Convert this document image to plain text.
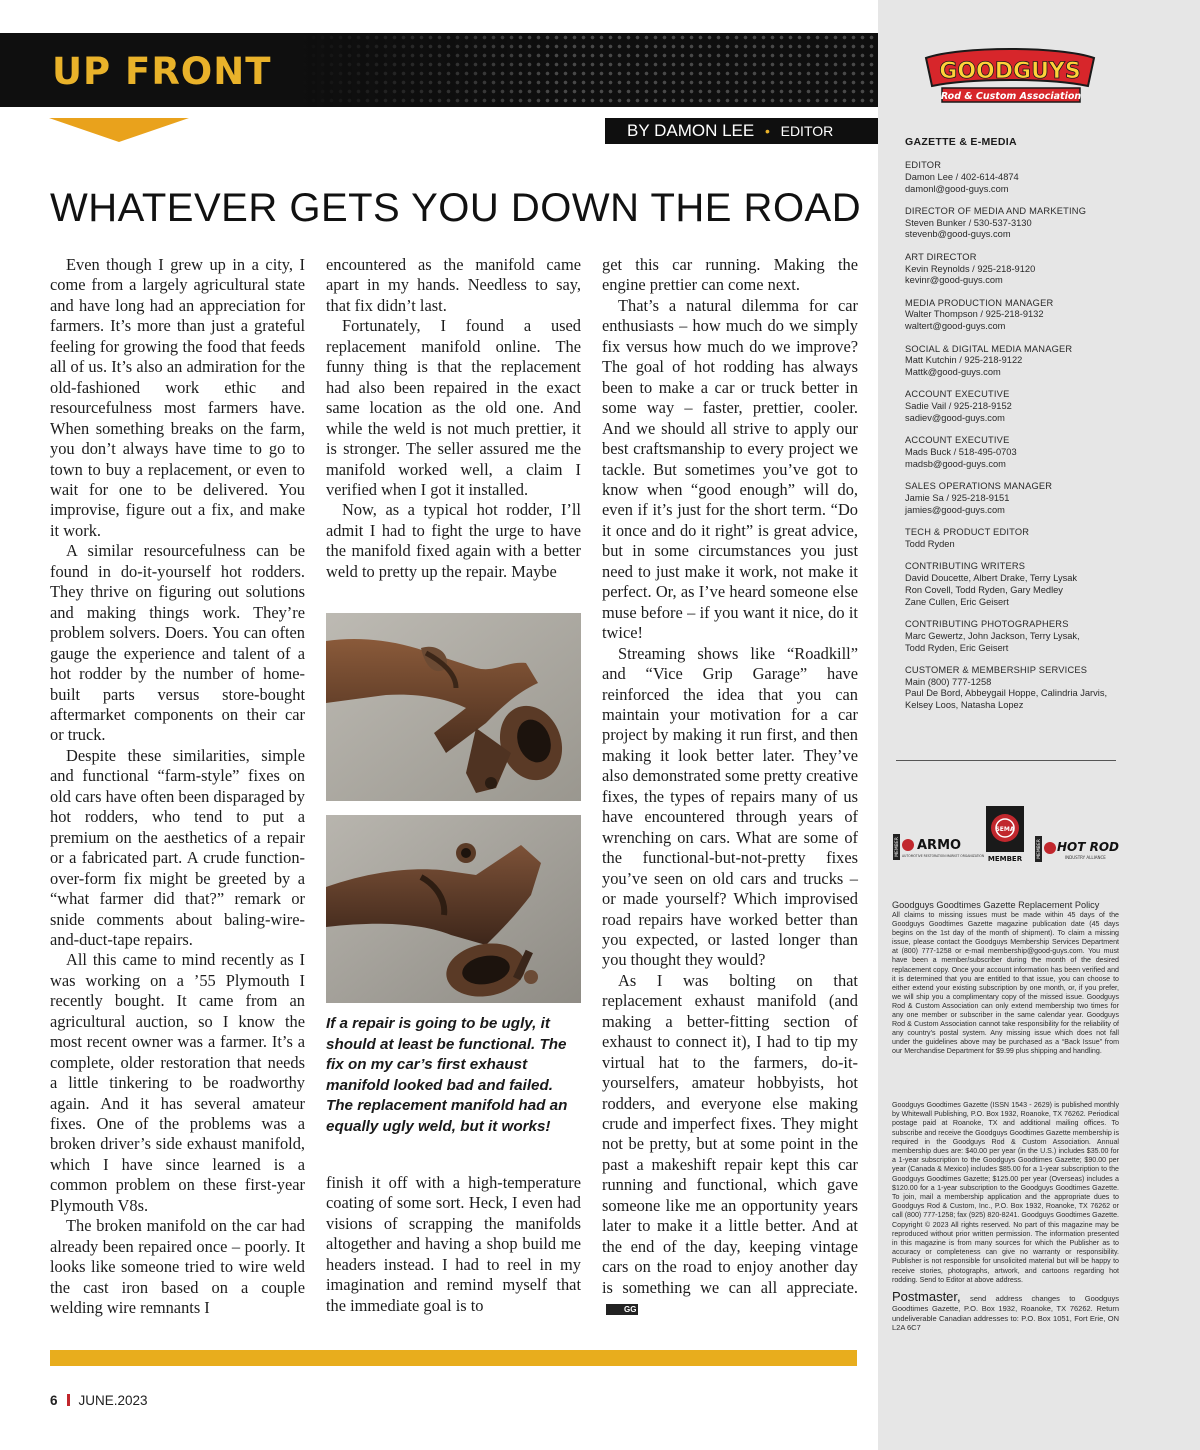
UP FRONT
BY DAMON LEE • EDITOR
WHATEVER GETS YOU DOWN THE ROAD

Even though I grew up in a city, I come from a largely agricultural state and have long had an appreciation for farmers. It’s more than just a grateful feeling for growing the food that feeds all of us. It’s also an admiration for the old-fashioned work ethic and resourcefulness most farmers have. When something breaks on the farm, you don’t always have time to go to town to buy a replacement, or even to wait for one to be delivered. You improvise, figure out a fix, and make it work.

A similar resourcefulness can be found in do-it-yourself hot rodders. They thrive on figuring out solutions and making things work. They’re problem solvers. Doers. You can often gauge the experience and talent of a hot rodder by the number of home-built parts versus store-bought aftermarket components on their car or truck.

Despite these similarities, simple and functional “farm-style” fixes on old cars have often been disparaged by hot rodders, who tend to put a premium on the aesthetics of a repair or a fabricated part. A crude function-over-form fix might be greeted by a “what farmer did that?” remark or snide comments about baling-wire-and-duct-tape repairs.

All this came to mind recently as I was working on a ’55 Plymouth I recently bought. It came from an agricultural auction, so I know the most recent owner was a farmer. It’s a complete, older restoration that needs a little tinkering to be roadworthy again. And it has several amateur fixes. One of the problems was a broken driver’s side exhaust manifold, which I have since learned is a common problem on these first-year Plymouth V8s.

The broken manifold on the car had already been repaired once – poorly. It looks like someone tried to wire weld the cast iron based on a couple welding wire remnants I

encountered as the manifold came apart in my hands. Needless to say, that fix didn’t last.

Fortunately, I found a used replacement manifold online. The funny thing is that the replacement had also been repaired in the exact same location as the old one. And while the weld is not much prettier, it is stronger. The seller assured me the manifold worked well, a claim I verified when I got it installed.

Now, as a typical hot rodder, I’ll admit I had to fight the urge to have the manifold fixed again with a better weld to pretty up the repair. Maybe

If a repair is going to be ugly, it should at least be functional. The fix on my car’s first exhaust manifold looked bad and failed. The replacement manifold had an equally ugly weld, but it works!

finish it off with a high-temperature coating of some sort. Heck, I even had visions of scrapping the manifolds altogether and having a shop build me headers instead. I had to reel in my imagination and remind myself that the immediate goal is to

get this car running. Making the engine prettier can come next.

That’s a natural dilemma for car enthusiasts – how much do we simply fix versus how much do we improve? The goal of hot rodding has always been to make a car or truck better in some way – faster, prettier, cooler. And we should all strive to apply our best craftsmanship to every project we tackle. But sometimes you’ve got to know when “good enough” will do, even if it’s just for the short term. “Do it once and do it right” is great advice, but in some circumstances you just need to just make it work, not make it perfect. Or, as I’ve heard someone else muse before – if you want it nice, do it twice!

Streaming shows like “Roadkill” and “Vice Grip Garage” have reinforced the idea that you can maintain your motivation for a car project by making it run first, and then making it look better later. They’ve also demonstrated some pretty creative fixes, the types of repairs many of us have encountered through years of wrenching on cars. What are some of the functional-but-not-pretty fixes you’ve seen on old cars and trucks – or made yourself? Which improvised road repairs have worked better than you expected, or lasted longer than you thought they would?

As I was bolting on that replacement exhaust manifold (and making a better-fitting section of exhaust to connect it), I had to tip my virtual hat to the farmers, do-it-yourselfers, amateur hobbyists, hot rodders, and everyone else making crude and imperfect fixes. They might not be pretty, but at some point in the past a makeshift repair kept this car running and functional, which gave someone like me an opportunity years later to make it a little better. And at the end of the day, keeping vintage cars on the road to enjoy another day is something we can all appreciate.GG

6 JUNE.2023
GOODGUYS
Rod & Custom Association
GAZETTE & E-MEDIA
EDITOR
Damon Lee / 402-614-4874
damonl@good-guys.com
DIRECTOR OF MEDIA AND MARKETING
Steven Bunker / 530-537-3130
stevenb@good-guys.com
ART DIRECTOR
Kevin Reynolds / 925-218-9120
kevinr@good-guys.com
MEDIA PRODUCTION MANAGER
Walter Thompson / 925-218-9132
waltert@good-guys.com
SOCIAL & DIGITAL MEDIA MANAGER
Matt Kutchin / 925-218-9122
Mattk@good-guys.com
ACCOUNT EXECUTIVE
Sadie Vail / 925-218-9152
sadiev@good-guys.com
ACCOUNT EXECUTIVE
Mads Buck / 518-495-0703
madsb@good-guys.com
SALES OPERATIONS MANAGER
Jamie Sa / 925-218-9151
jamies@good-guys.com
TECH & PRODUCT EDITOR
Todd Ryden
CONTRIBUTING WRITERS
David Doucette, Albert Drake, Terry Lysak
Ron Covell, Todd Ryden, Gary Medley
Zane Cullen, Eric Geisert
CONTRIBUTING PHOTOGRAPHERS
Marc Gewertz, John Jackson, Terry Lysak,
Todd Ryden, Eric Geisert
CUSTOMER & MEMBERSHIP SERVICES
Main (800) 777-1258
Paul De Bord, Abbeygail Hoppe, Calindria Jarvis,
Kelsey Loos, Natasha Lopez
MEMBER ARMO
AUTOMOTIVE RESTORATION MARKET ORGANIZATION
SEMA
MEMBER
MEMBER HOT ROD
INDUSTRY ALLIANCE

Goodguys Goodtimes Gazette Replacement Policy

All claims to missing issues must be made within 45 days of the Goodguys Goodtimes Gazette magazine publication date (45 days begins on the 1st day of the month of shipment). To claim a missing issue, please contact the Goodguys Membership Services Department at (800) 777-1258 or e-mail membership@good-guys.com. You must have been a member/subscriber during the month of the desired replacement copy. Once your account information has been verified and it is determined that you are entitled to that issue, you can choose to either extend your existing subscription by one month, or, if you prefer, we will ship you a complimentary copy of the missed issue. Goodguys Rod & Custom Association can only extend membership two times for any one member or subscriber in the same calendar year. Goodguys Rod & Custom Association cannot take responsibility for the reliability of any country’s postal system. Any missing issue which does not fall under the guidelines above may be purchased as a “Back Issue” from our Merchandise Department for $9.99 plus shipping and handling.

Goodguys Goodtimes Gazette (ISSN 1543 - 2629) is published monthly by Whitewall Publishing, P.O. Box 1932, Roanoke, TX 76262. Periodical postage paid at Roanoke, TX and additional mailing offices. To subscribe and receive the Goodguys Goodtimes Gazette membership is required in the Goodguys Rod & Custom Association. Annual membership dues are: $40.00 per year (in the U.S.) includes $35.00 for a 1-year subscription to the Goodguys Goodtimes Gazette; $90.00 per year (Canada & Mexico) includes $85.00 for a 1-year subscription to the Goodguys Goodtimes Gazette; $125.00 per year (Overseas) includes a $120.00 for a 1-year subscription to the Goodguys Goodtimes Gazette. To join, mail a membership application and the appropriate dues to Goodguys Rod & Custom, Inc., P.O. Box 1932, Roanoke, TX 76262 or call (800) 777-1258; fax (925) 820-8241. Goodguys Goodtimes Gazette. Copyright © 2023 All rights reserved. No part of this magazine may be reproduced without prior written permission. The information presented in this magazine is from many sources for which the Publisher as to accuracy or completeness can give no warranty or responsibility. Publisher is not responsible for unsolicited material but will be happy to receive stories, photographs, artwork, and cartoons regarding hot rodding. Send to Editor at above address.

Postmaster, send address changes to Goodguys Goodtimes Gazette, P.O. Box 1932, Roanoke, TX 76262. Return undeliverable Canadian addresses to: P.O. Box 1051, Fort Erie, ON L2A 6C7
